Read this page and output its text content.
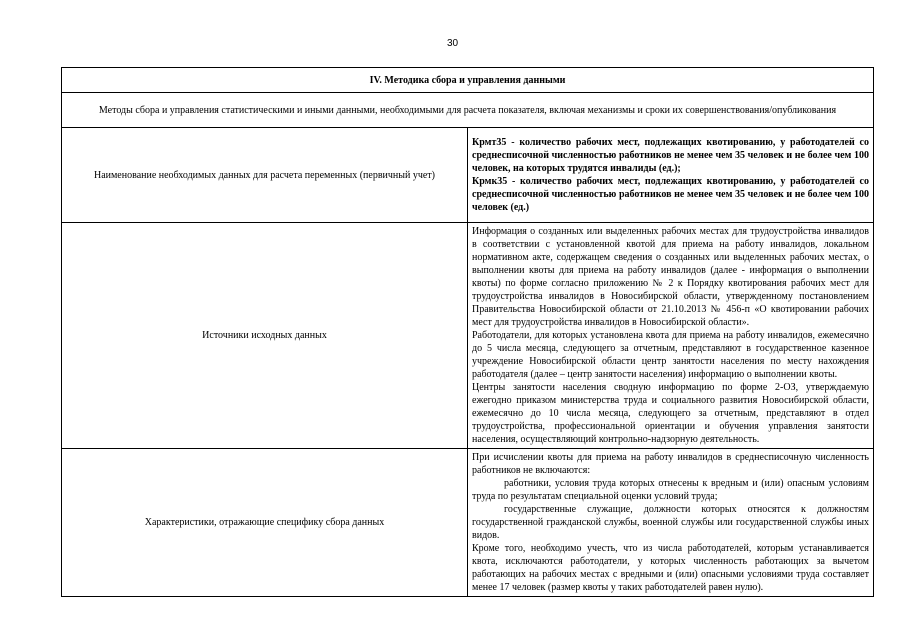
30
IV. Методика сбора и управления данными	
Методы сбора и управления статистическими и иными данными, необходимыми для расчета показателя, включая механизмы и сроки их совершенствования/опубликования	
Наименование необходимых данных для расчета переменных (первичный учет)	Крмт35 - количество рабочих мест, подлежащих квотированию, у работодателей со среднесписочной численностью работников не менее чем 35 человек и не более чем 100 человек, на которых трудятся инвалиды (ед.);

Крмк35 - количество рабочих мест, подлежащих квотированию, у работодателей со среднесписочной численностью работников не менее чем 35 человек и не более чем 100 человек (ед.)

Источники исходных данных	Информация о созданных или выделенных рабочих местах для трудоустройства инвалидов в соответствии с установленной квотой для приема на работу инвалидов, локальном нормативном акте, содержащем сведения о созданных или выделенных рабочих местах, о выполнении квоты для приема на работу инвалидов (далее - информация о выполнении квоты) по форме согласно приложению № 2 к Порядку квотирования рабочих мест для трудоустройства инвалидов в Новосибирской области, утвержденному постановлением Правительства Новосибирской области от 21.10.2013 № 456-п «О квотировании рабочих мест для трудоустройства инвалидов в Новосибирской области».

Работодатели, для которых установлена квота для приема на работу инвалидов, ежемесячно до 5 числа месяца, следующего за отчетным, представляют в государственное казенное учреждение Новосибирской области центр занятости населения по месту нахождения работодателя (далее – центр занятости населения) информацию о выполнении квоты.

Центры занятости населения сводную информацию по форме 2-ОЗ, утверждаемую ежегодно приказом министерства труда и социального развития Новосибирской области, ежемесячно до 10 числа месяца, следующего за отчетным, представляют в отдел трудоустройства, профессиональной ориентации и обучения управления занятости населения, осуществляющий контрольно-надзорную деятельность.

Характеристики, отражающие специфику сбора данных	При исчислении квоты для приема на работу инвалидов в среднесписочную численность работников не включаются:

работники, условия труда которых отнесены к вредным и (или) опасным условиям труда по результатам специальной оценки условий труда;

государственные служащие, должности которых относятся к должностям государственной гражданской службы, военной службы или государственной службы иных видов.

Кроме того, необходимо учесть, что из числа работодателей, которым устанавливается квота, исключаются работодатели, у которых численность работающих за вычетом работающих на рабочих местах с вредными и (или) опасными условиями труда составляет менее 17 человек (размер квоты у таких работодателей равен нулю).
